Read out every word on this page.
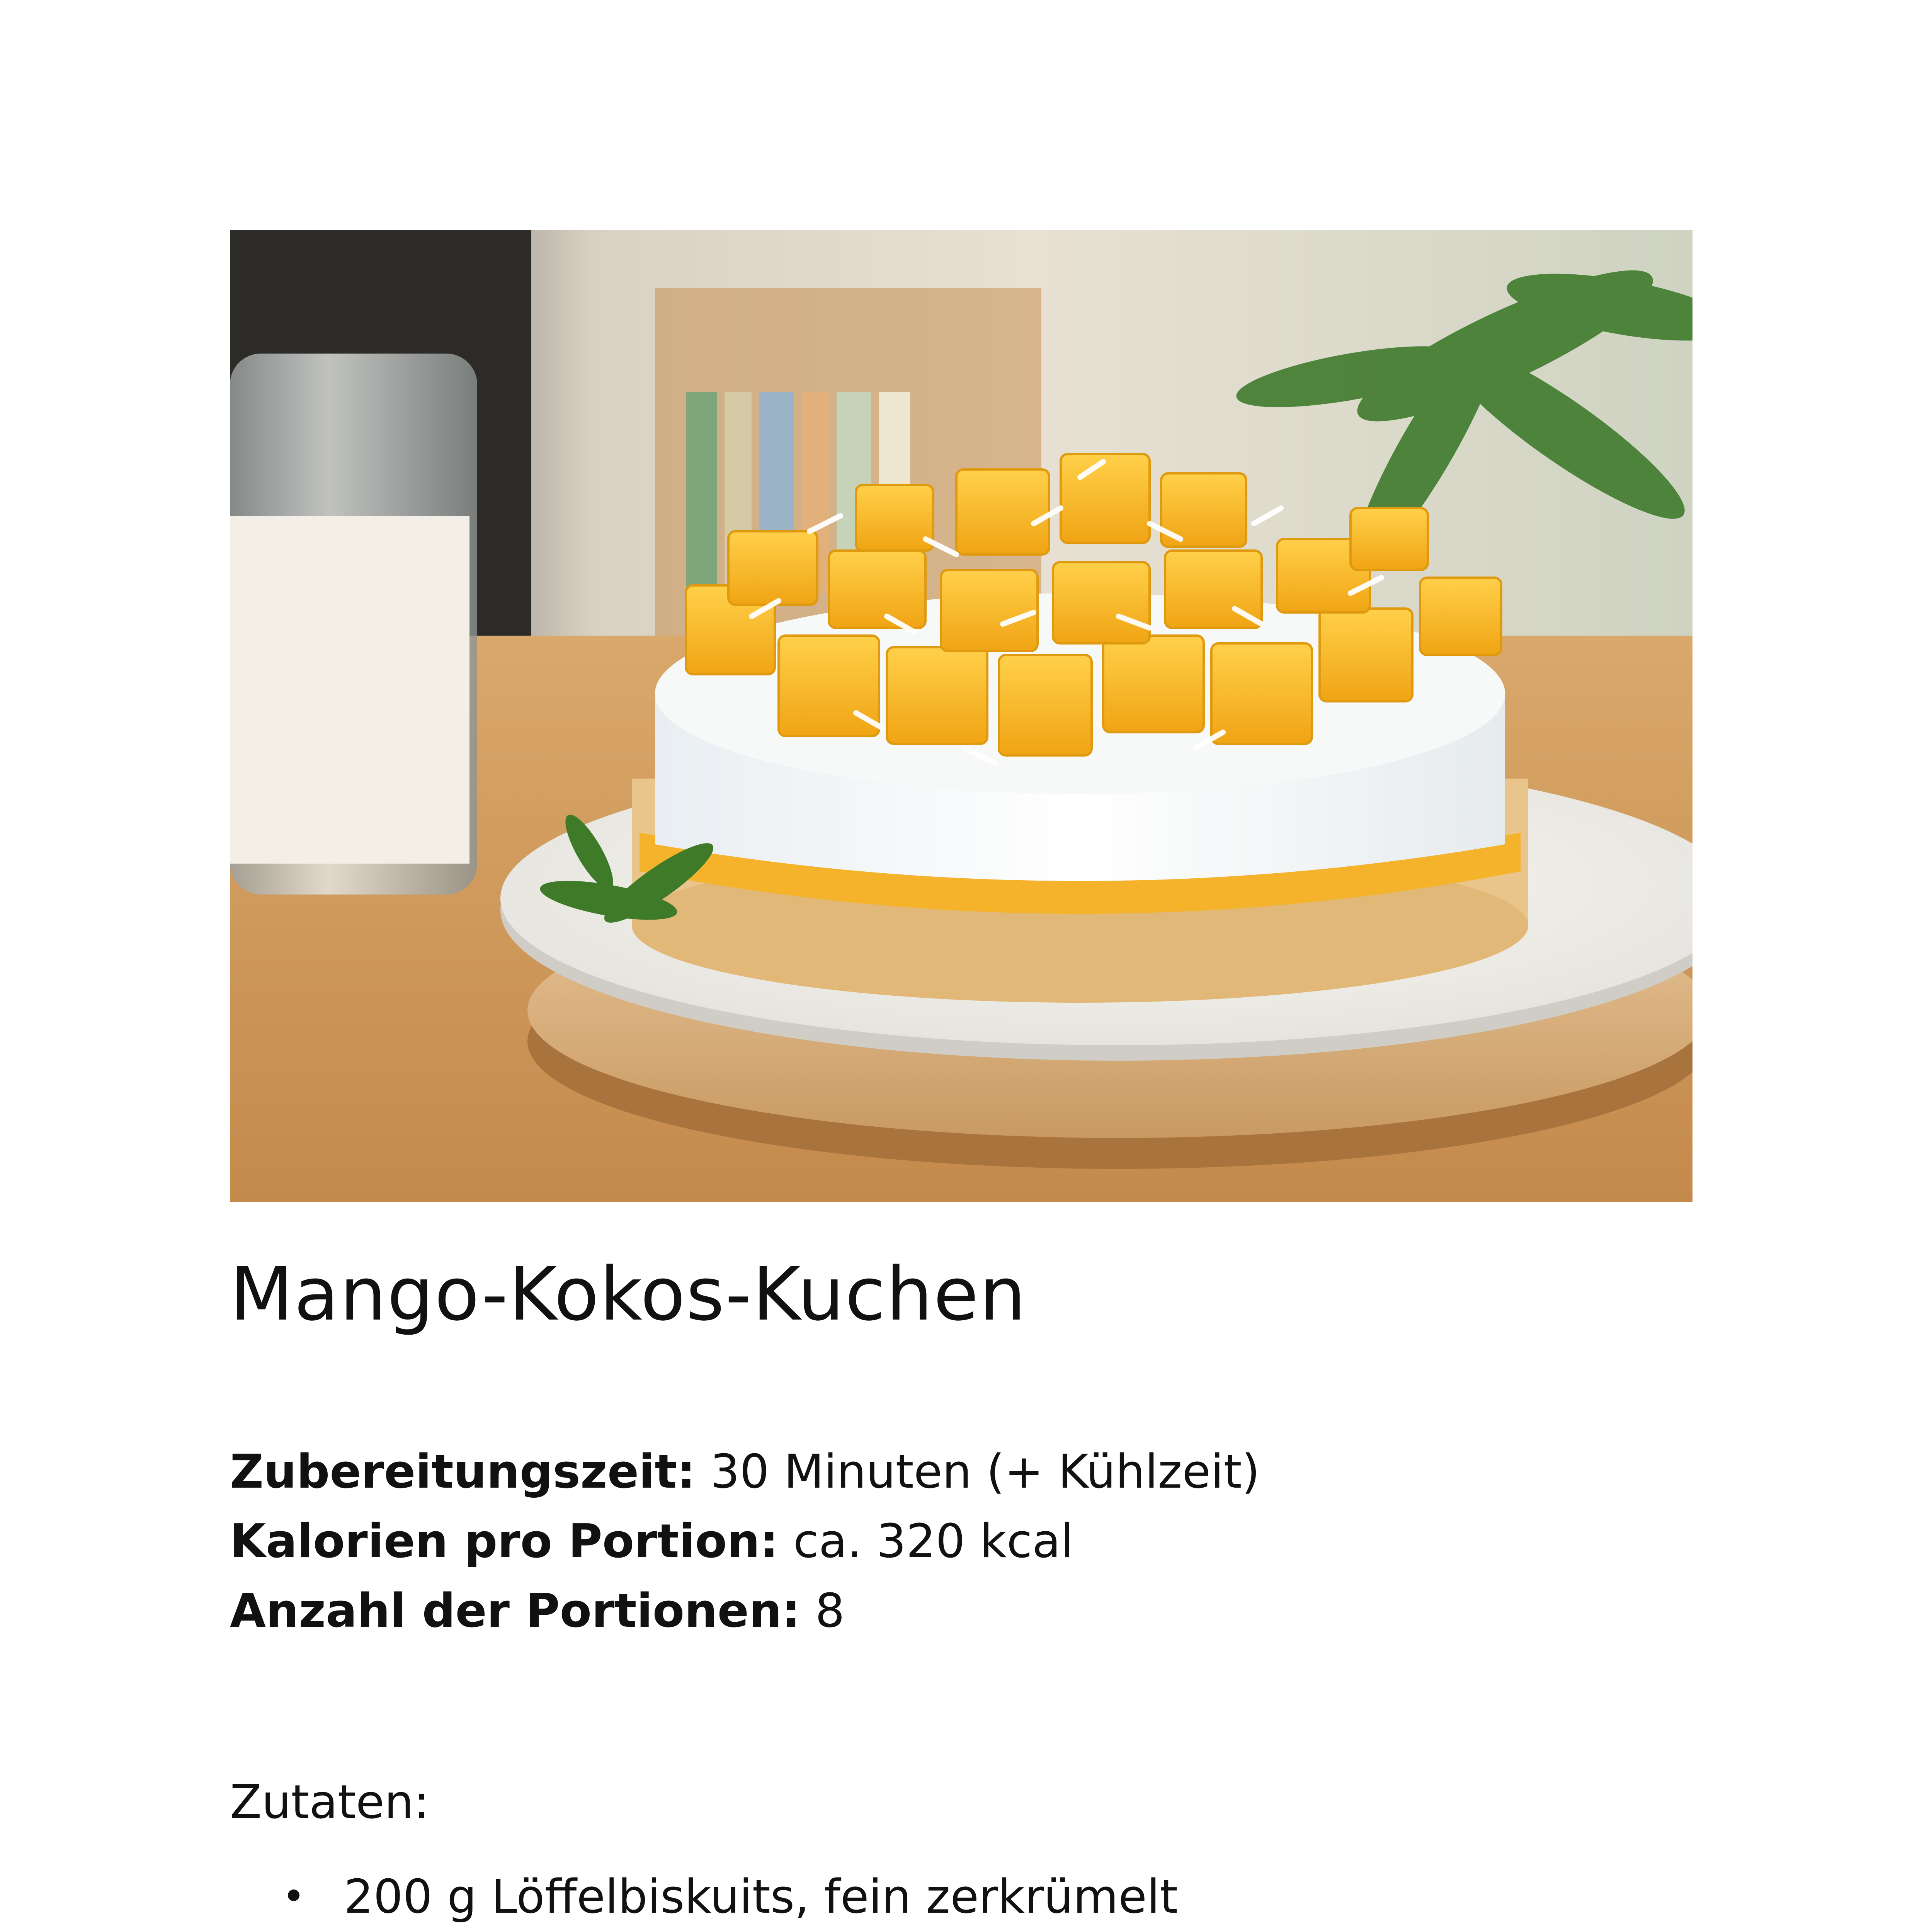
Mango-Kokos-Kuchen
Zubereitungszeit: 30 Minuten (+ Kühlzeit)
Kalorien pro Portion: ca. 320 kcal
Anzahl der Portionen: 8
Zutaten:
200 g Löffelbiskuits, fein zerkrümelt
